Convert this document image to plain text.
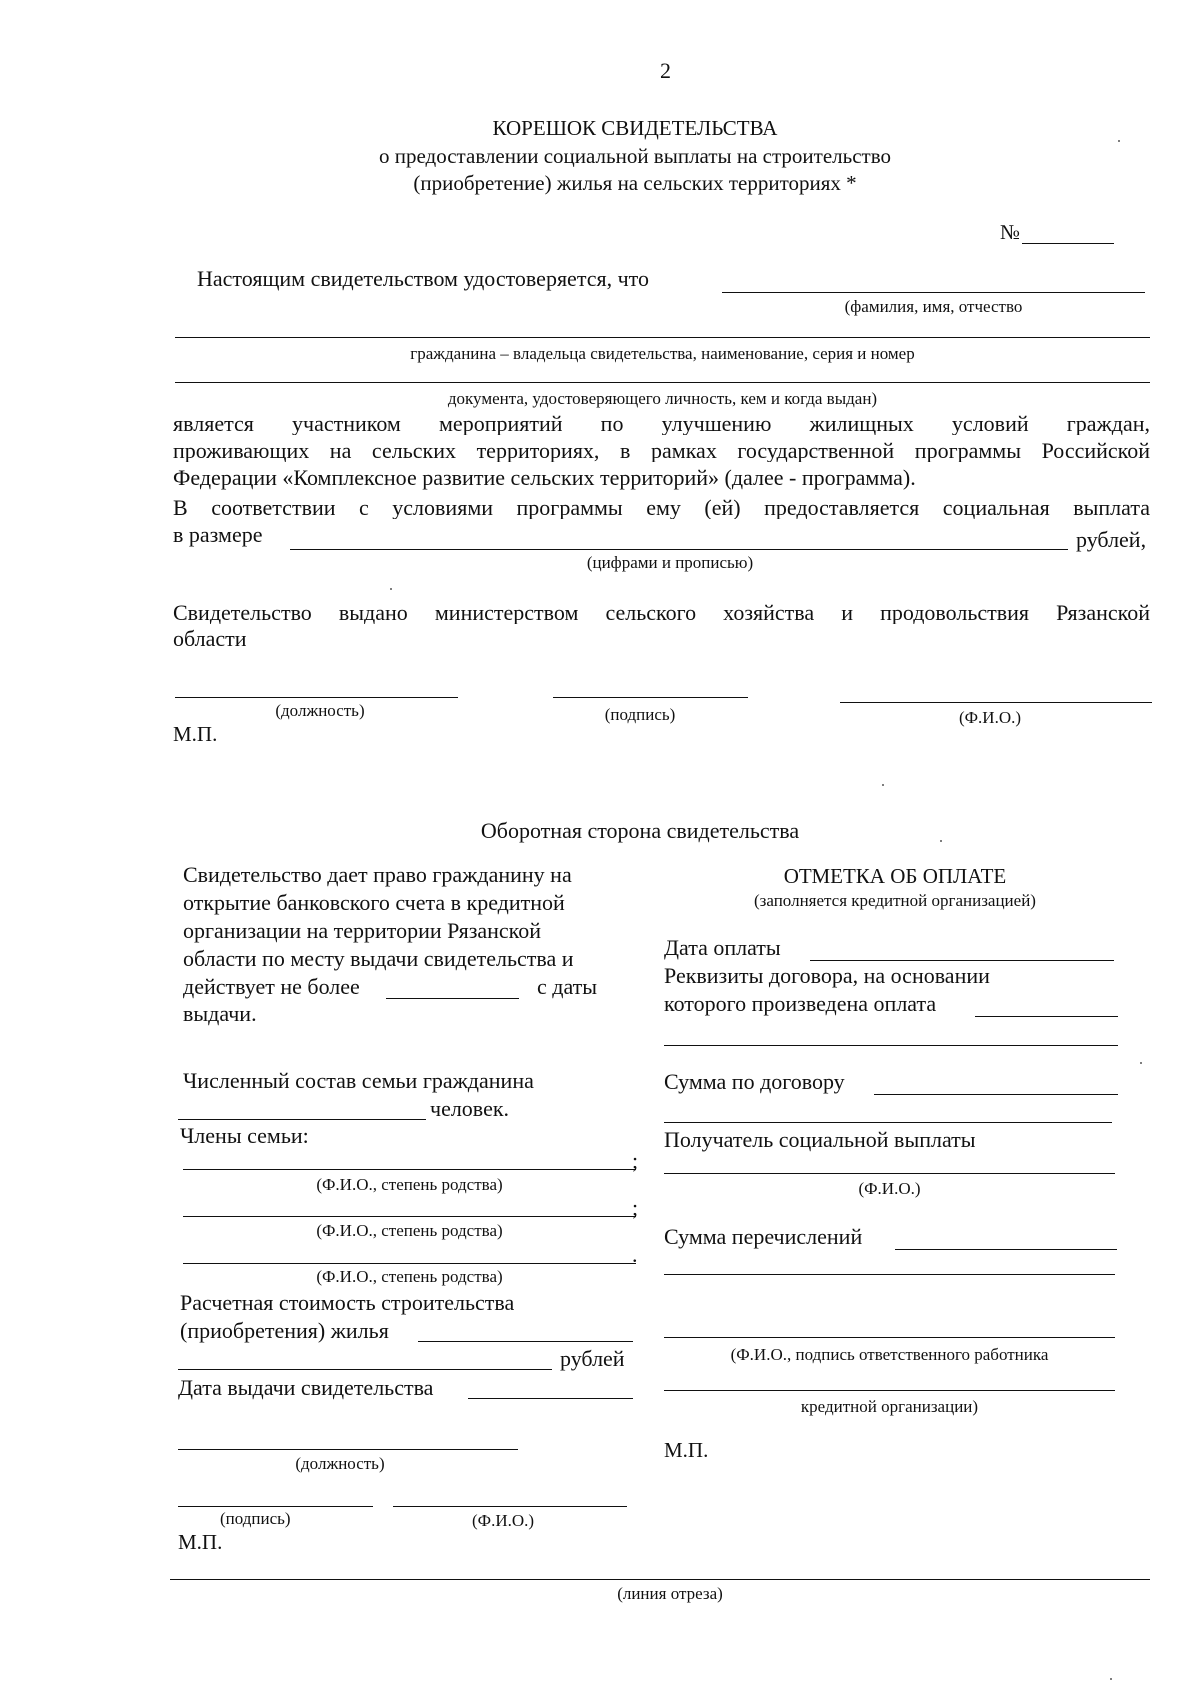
2
КОРЕШОК СВИДЕТЕЛЬСТВА
о предоставлении социальной выплаты на строительство
(приобретение) жилья на сельских территориях *
№
Настоящим свидетельством удостоверяется, что
(фамилия, имя, отчество
гражданина – владельца свидетельства, наименование, серия и номер
документа, удостоверяющего личность, кем и когда выдан)
является участником мероприятий по улучшению жилищных условий граждан,
проживающих на сельских территориях, в рамках государственной программы Российской
Федерации «Комплексное развитие сельских территорий» (далее - программа).
В соответствии с условиями программы ему (ей) предоставляется социальная выплата
в размере	рублей,
(цифрами и прописью)
Свидетельство выдано министерством сельского хозяйства и продовольствия Рязанской
области
(должность)	(подпись)	(Ф.И.О.)
М.П.
Оборотная сторона свидетельства
Свидетельство дает право гражданину на
открытие банковского счета в кредитной
организации на территории Рязанской
области по месту выдачи свидетельства и
действует не более	с даты
выдачи.
Численный состав семьи гражданина
человек.
Члены семьи:
;
(Ф.И.О., степень родства)
;
(Ф.И.О., степень родства)
.
(Ф.И.О., степень родства)
Расчетная стоимость строительства
(приобретения) жилья
рублей
Дата выдачи свидетельства
(должность)
(подпись)	(Ф.И.О.)
М.П.
ОТМЕТКА ОБ ОПЛАТЕ
(заполняется кредитной организацией)
Дата оплаты
Реквизиты договора, на основании
которого произведена оплата
Сумма по договору
Получатель социальной выплаты
(Ф.И.О.)
Сумма перечислений
(Ф.И.О., подпись ответственного работника
кредитной организации)
М.П.
(линия отреза)
